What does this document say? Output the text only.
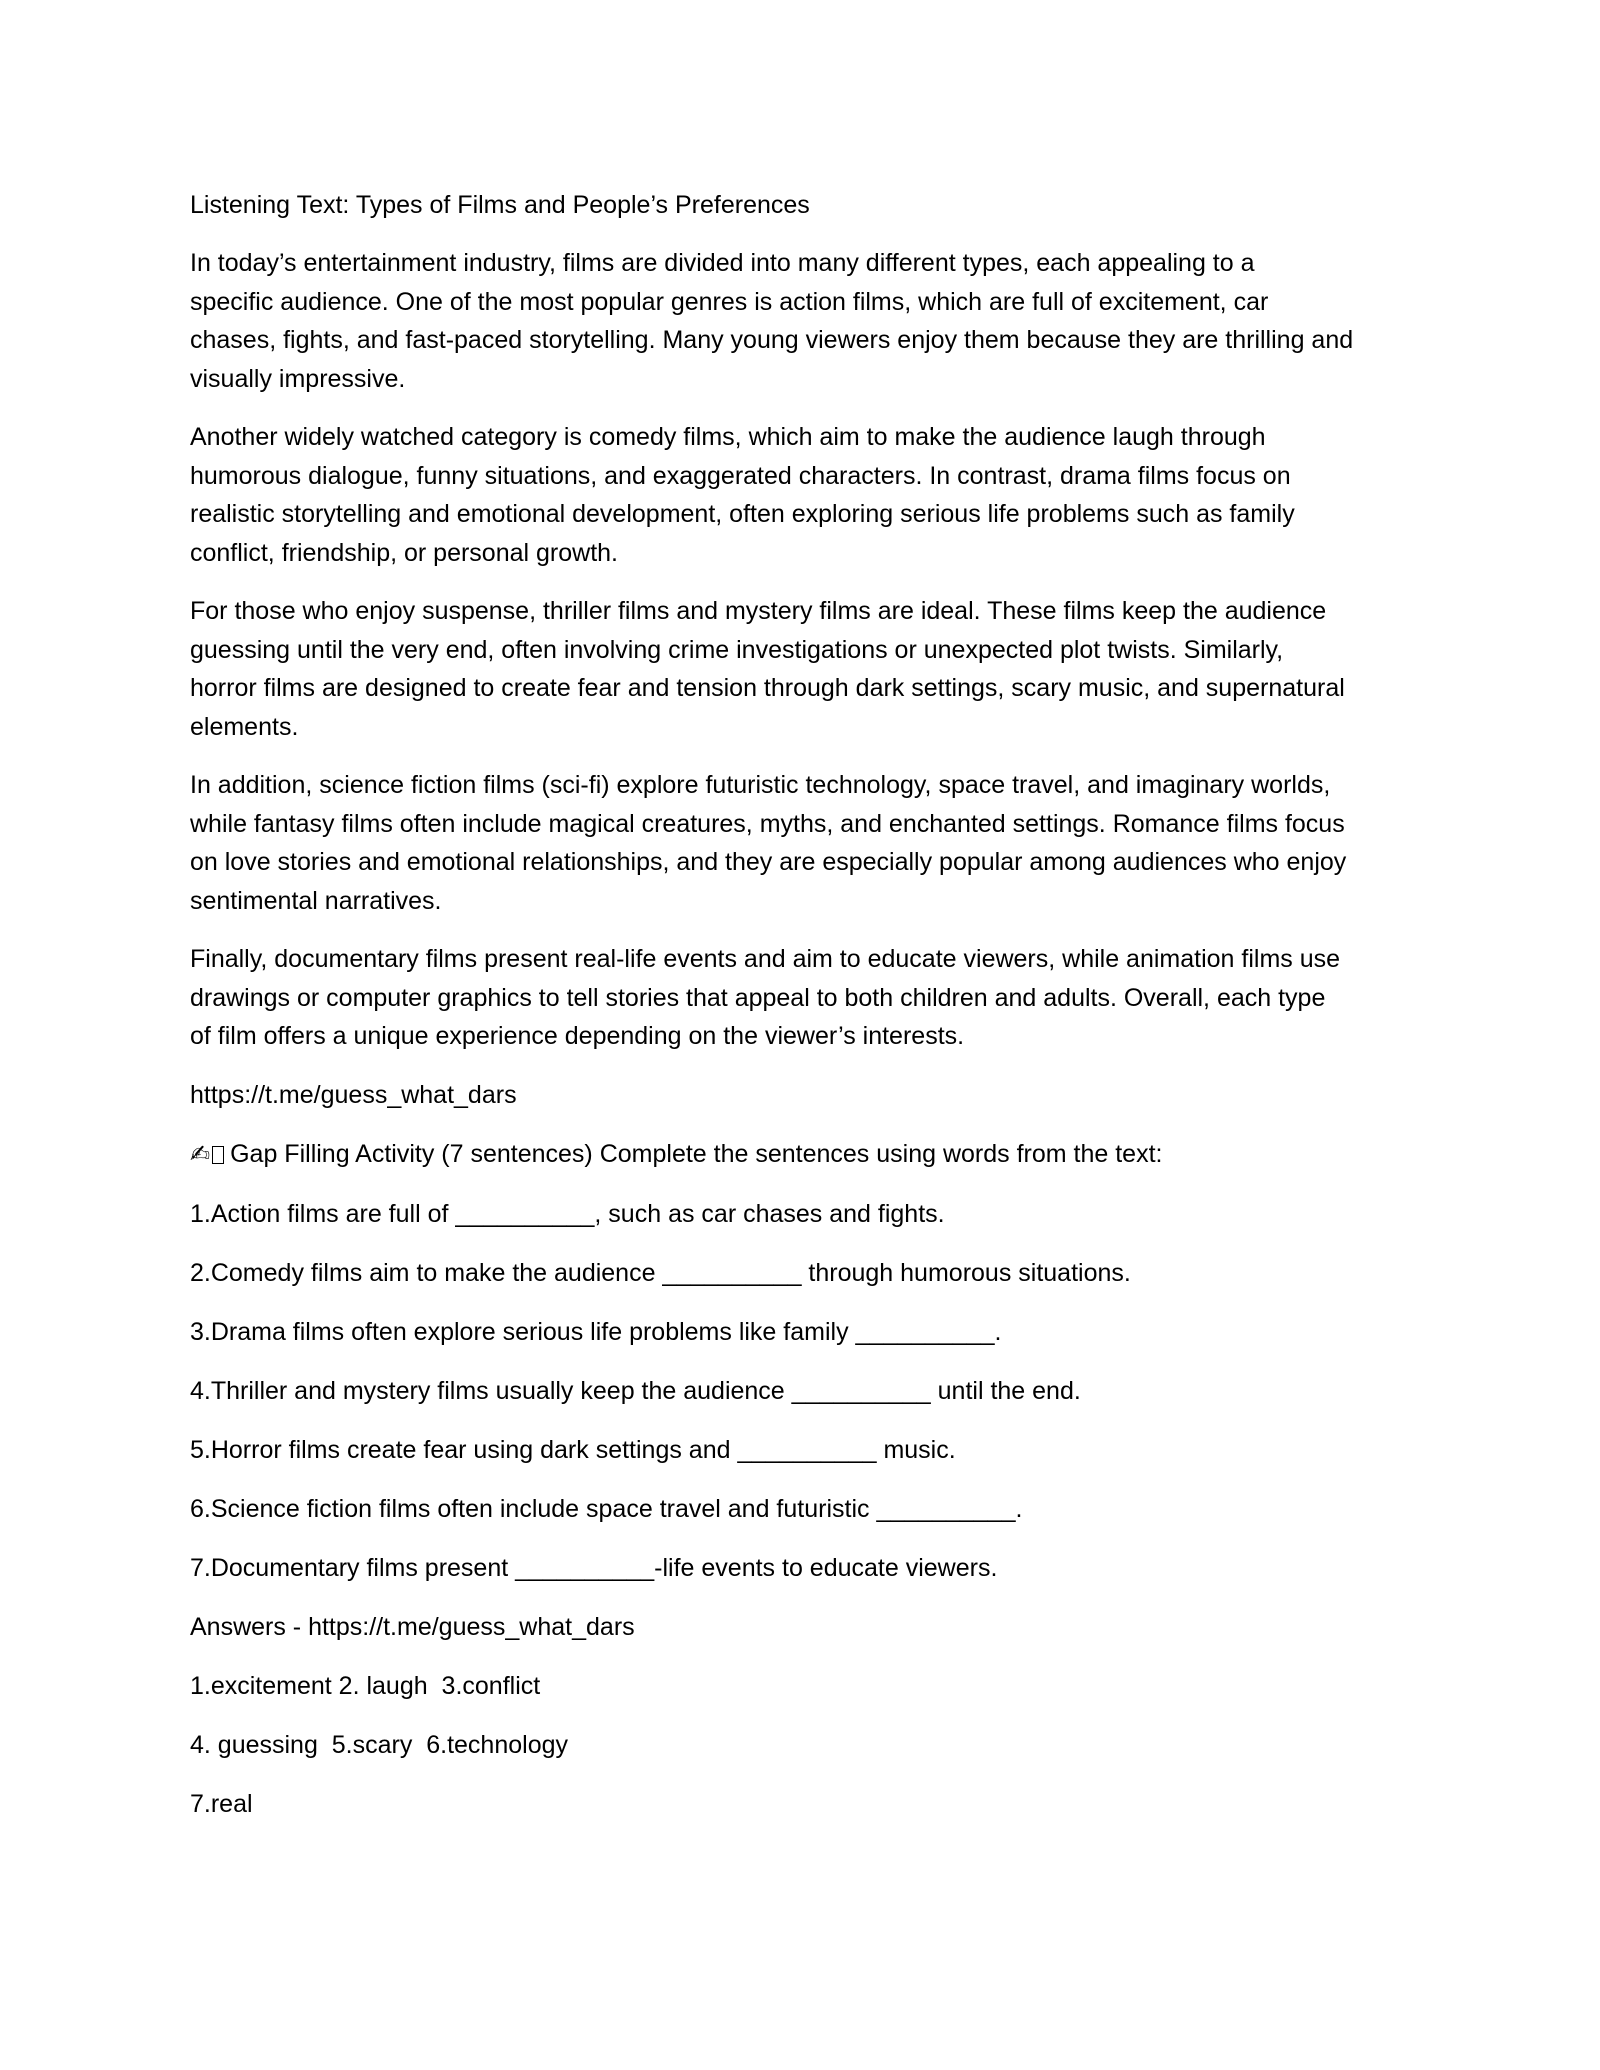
Listening Text: Types of Films and People’s Preferences
In today’s entertainment industry, films are divided into many different types, each appealing to a
specific audience. One of the most popular genres is action films, which are full of excitement, car
chases, fights, and fast-paced storytelling. Many young viewers enjoy them because they are thrilling and
visually impressive.
Another widely watched category is comedy films, which aim to make the audience laugh through
humorous dialogue, funny situations, and exaggerated characters. In contrast, drama films focus on
realistic storytelling and emotional development, often exploring serious life problems such as family
conflict, friendship, or personal growth.
For those who enjoy suspense, thriller films and mystery films are ideal. These films keep the audience
guessing until the very end, often involving crime investigations or unexpected plot twists. Similarly,
horror films are designed to create fear and tension through dark settings, scary music, and supernatural
elements.
In addition, science fiction films (sci-fi) explore futuristic technology, space travel, and imaginary worlds,
while fantasy films often include magical creatures, myths, and enchanted settings. Romance films focus
on love stories and emotional relationships, and they are especially popular among audiences who enjoy
sentimental narratives.
Finally, documentary films present real-life events and aim to educate viewers, while animation films use
drawings or computer graphics to tell stories that appeal to both children and adults. Overall, each type
of film offers a unique experience depending on the viewer’s interests.
https://t.me/guess_what_dars
✍ Gap Filling Activity (7 sentences) Complete the sentences using words from the text:
1.Action films are full of __________, such as car chases and fights.
2.Comedy films aim to make the audience __________ through humorous situations.
3.Drama films often explore serious life problems like family __________.
4.Thriller and mystery films usually keep the audience __________ until the end.
5.Horror films create fear using dark settings and __________ music.
6.Science fiction films often include space travel and futuristic __________.
7.Documentary films present __________-life events to educate viewers.
Answers - https://t.me/guess_what_dars
1.excitement 2. laugh  3.conflict
4. guessing  5.scary  6.technology
7.real
